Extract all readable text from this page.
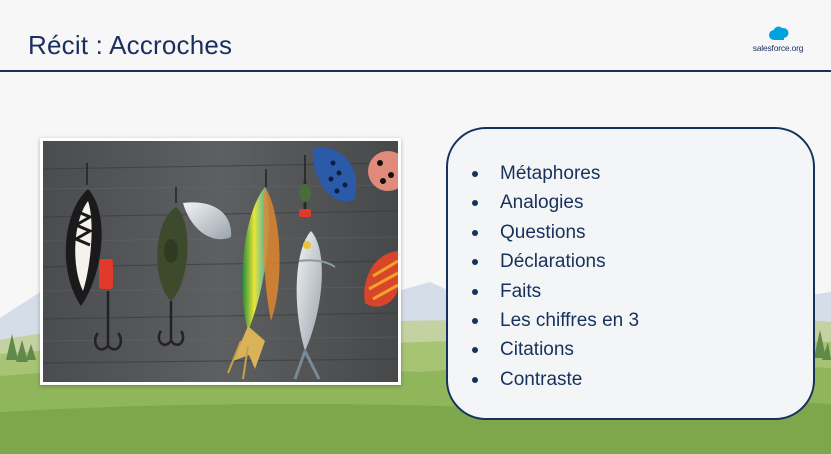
Récit : Accroches	salesforce.org
Métaphores
Analogies
Questions
Déclarations
Faits
Les chiffres en 3
Citations
Contraste
